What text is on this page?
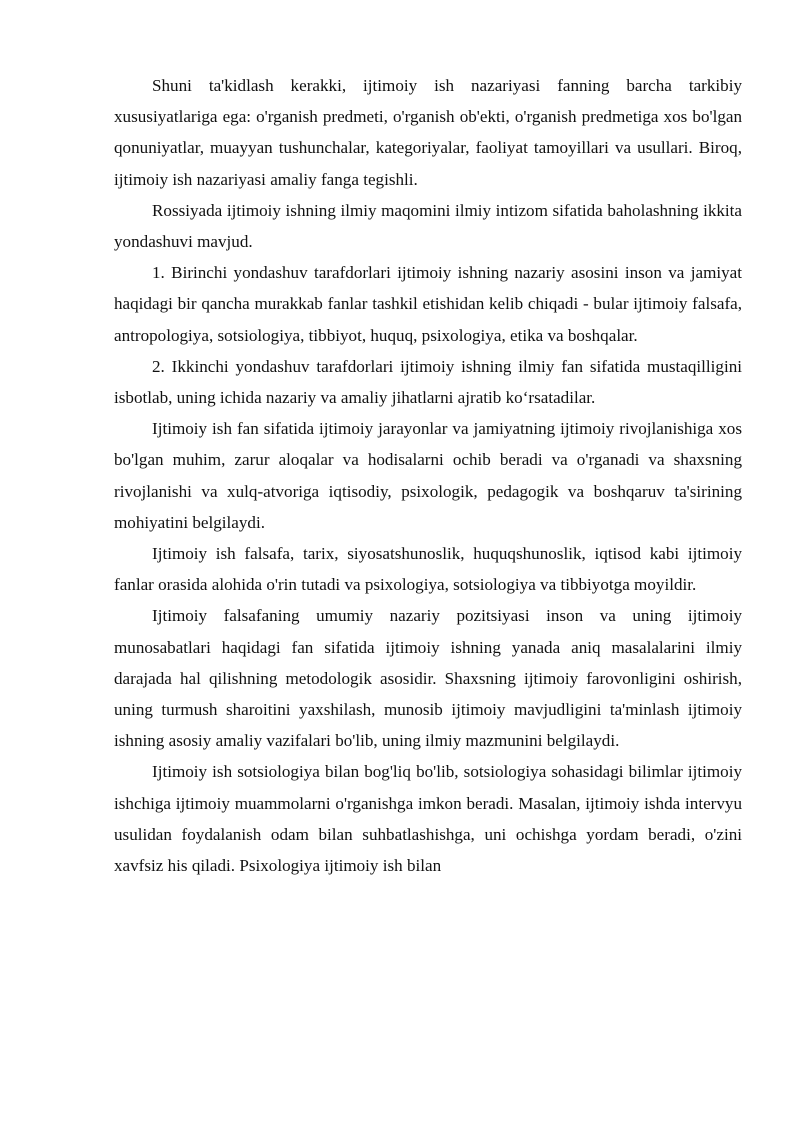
Shuni ta'kidlash kerakki, ijtimoiy ish nazariyasi fanning barcha tarkibiy xususiyatlariga ega: o'rganish predmeti, o'rganish ob'ekti, o'rganish predmetiga xos bo'lgan qonuniyatlar, muayyan tushunchalar, kategoriyalar, faoliyat tamoyillari va usullari. Biroq, ijtimoiy ish nazariyasi amaliy fanga tegishli.

Rossiyada ijtimoiy ishning ilmiy maqomini ilmiy intizom sifatida baholashning ikkita yondashuvi mavjud.

1. Birinchi yondashuv tarafdorlari ijtimoiy ishning nazariy asosini inson va jamiyat haqidagi bir qancha murakkab fanlar tashkil etishidan kelib chiqadi - bular ijtimoiy falsafa, antropologiya, sotsiologiya, tibbiyot, huquq, psixologiya, etika va boshqalar.

2. Ikkinchi yondashuv tarafdorlari ijtimoiy ishning ilmiy fan sifatida mustaqilligini isbotlab, uning ichida nazariy va amaliy jihatlarni ajratib ko‘rsatadilar.

Ijtimoiy ish fan sifatida ijtimoiy jarayonlar va jamiyatning ijtimoiy rivojlanishiga xos bo'lgan muhim, zarur aloqalar va hodisalarni ochib beradi va o'rganadi va shaxsning rivojlanishi va xulq-atvoriga iqtisodiy, psixologik, pedagogik va boshqaruv ta'sirining mohiyatini belgilaydi.

Ijtimoiy ish falsafa, tarix, siyosatshunoslik, huquqshunoslik, iqtisod kabi ijtimoiy fanlar orasida alohida o'rin tutadi va psixologiya, sotsiologiya va tibbiyotga moyildir.

Ijtimoiy falsafaning umumiy nazariy pozitsiyasi inson va uning ijtimoiy munosabatlari haqidagi fan sifatida ijtimoiy ishning yanada aniq masalalarini ilmiy darajada hal qilishning metodologik asosidir. Shaxsning ijtimoiy farovonligini oshirish, uning turmush sharoitini yaxshilash, munosib ijtimoiy mavjudligini ta'minlash ijtimoiy ishning asosiy amaliy vazifalari bo'lib, uning ilmiy mazmunini belgilaydi.

Ijtimoiy ish sotsiologiya bilan bog'liq bo'lib, sotsiologiya sohasidagi bilimlar ijtimoiy ishchiga ijtimoiy muammolarni o'rganishga imkon beradi. Masalan, ijtimoiy ishda intervyu usulidan foydalanish odam bilan suhbatlashishga, uni ochishga yordam beradi, o'zini xavfsiz his qiladi. Psixologiya ijtimoiy ish bilan
